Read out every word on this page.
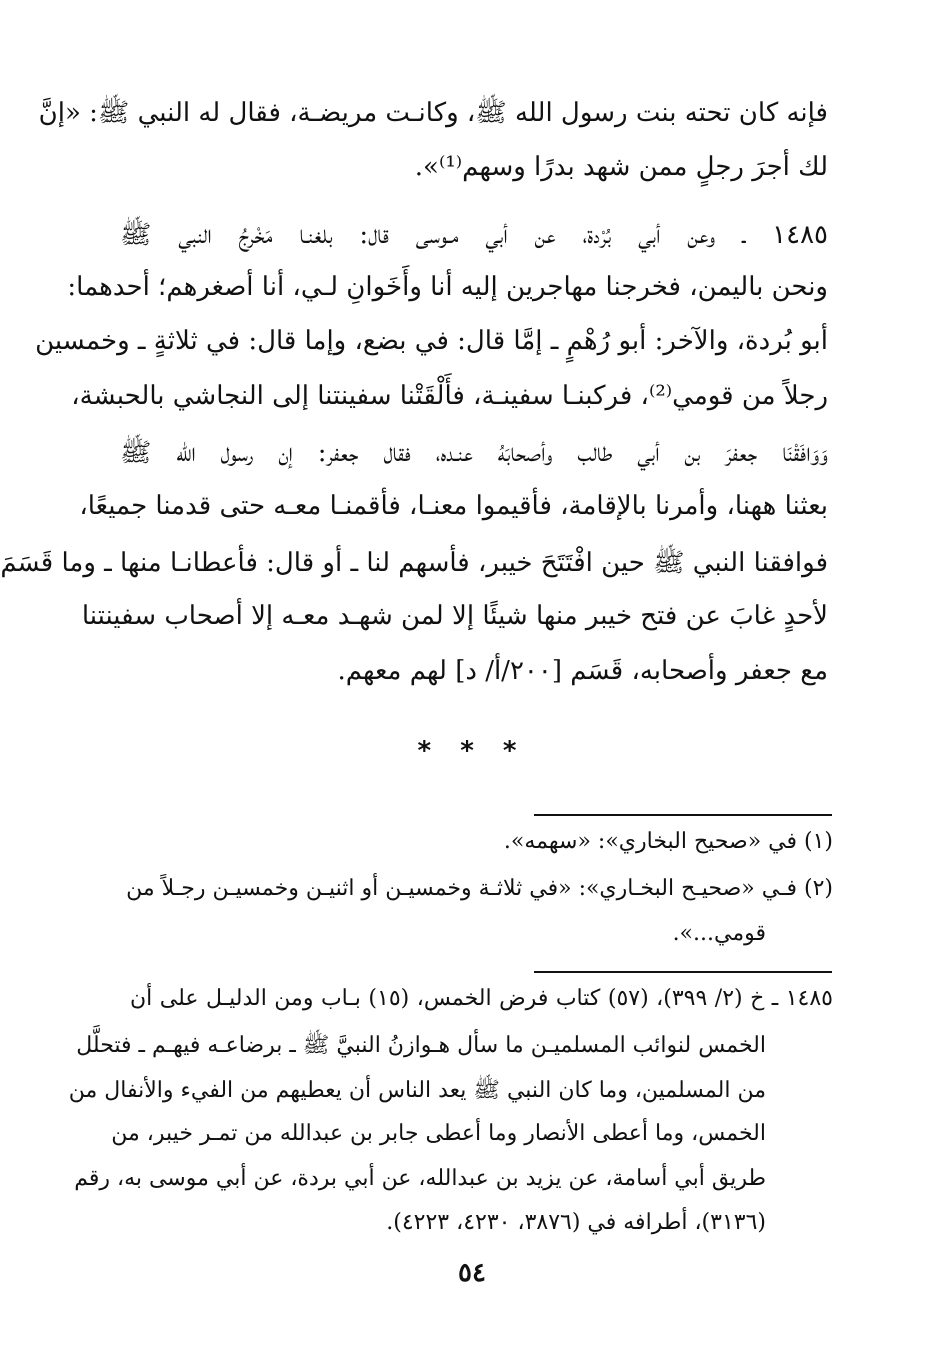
فإنه كان تحته بنت رسول الله ﷺ، وكانـت مريضـة، فقال له النبي ﷺ: «إنَّ
لك أجرَ رجلٍ ممن شهد بدرًا وسهم⁽¹⁾».
١٤٨٥ ـ وعن أبي بُرْدة، عن أبي مـوسى قال: بلغنـا مَخْرجُ النبي ﷺ
ونحن باليمن، فخرجنا مهاجرين إليه أنا وأَخَوانِ لـي، أنا أصغرهم؛ أحدهما:
أبو بُردة، والآخر: أبو رُهْمٍ ـ إمَّا قال: في بضع، وإما قال: في ثلاثةٍ ـ وخمسين
رجلاً من قومي⁽²⁾، فركبنـا سفينـة، فأَلْقَتْنا سفينتنا إلى النجاشي بالحبشة،
وَوَافَقْنَا جعفرَ بن أبي طالب وأصحابَهُ عنـده، فقال جعفر: إن رسول الله ﷺ
بعثنا ههنا، وأمرنا بالإقامة، فأقيموا معنـا، فأقمنـا معـه حتى قدمنا جميعًا،
فوافقنا النبي ﷺ حين افْتَتَحَ خيبر، فأسهم لنا ـ أو قال: فأعطانـا منها ـ وما قَسَمَ
لأحدٍ غابَ عن فتح خيبر منها شيئًا إلا لمن شهـد معـه إلا أصحاب سفينتنا
مع جعفر وأصحابه، قَسَم [٢٠٠/أ/ د] لهم معهم.
* * *
(١) في «صحيح البخاري»: «سهمه».
(٢) فـي «صحيـح البخـاري»: «في ثلاثـة وخمسيـن أو اثنيـن وخمسيـن رجـلاً من
قومي...».
١٤٨٥ ـ خ (٢/ ٣٩٩)، (٥٧) كتاب فرض الخمس، (١٥) بـاب ومن الدليـل على أن
الخمس لنوائب المسلميـن ما سأل هـوازنُ النبيَّ ﷺ ـ برضاعـه فيهـم ـ فتحلَّل
من المسلمين، وما كان النبي ﷺ يعد الناس أن يعطيهم من الفيء والأنفال من
الخمس، وما أعطى الأنصار وما أعطى جابر بن عبدالله من تمـر خيبر، من
طريق أبي أسامة، عن يزيد بن عبدالله، عن أبي بردة، عن أبي موسى به، رقم
(٣١٣٦)، أطرافه في (٣٨٧٦، ٤٢٣٠، ٤٢٢٣).
٥٤
